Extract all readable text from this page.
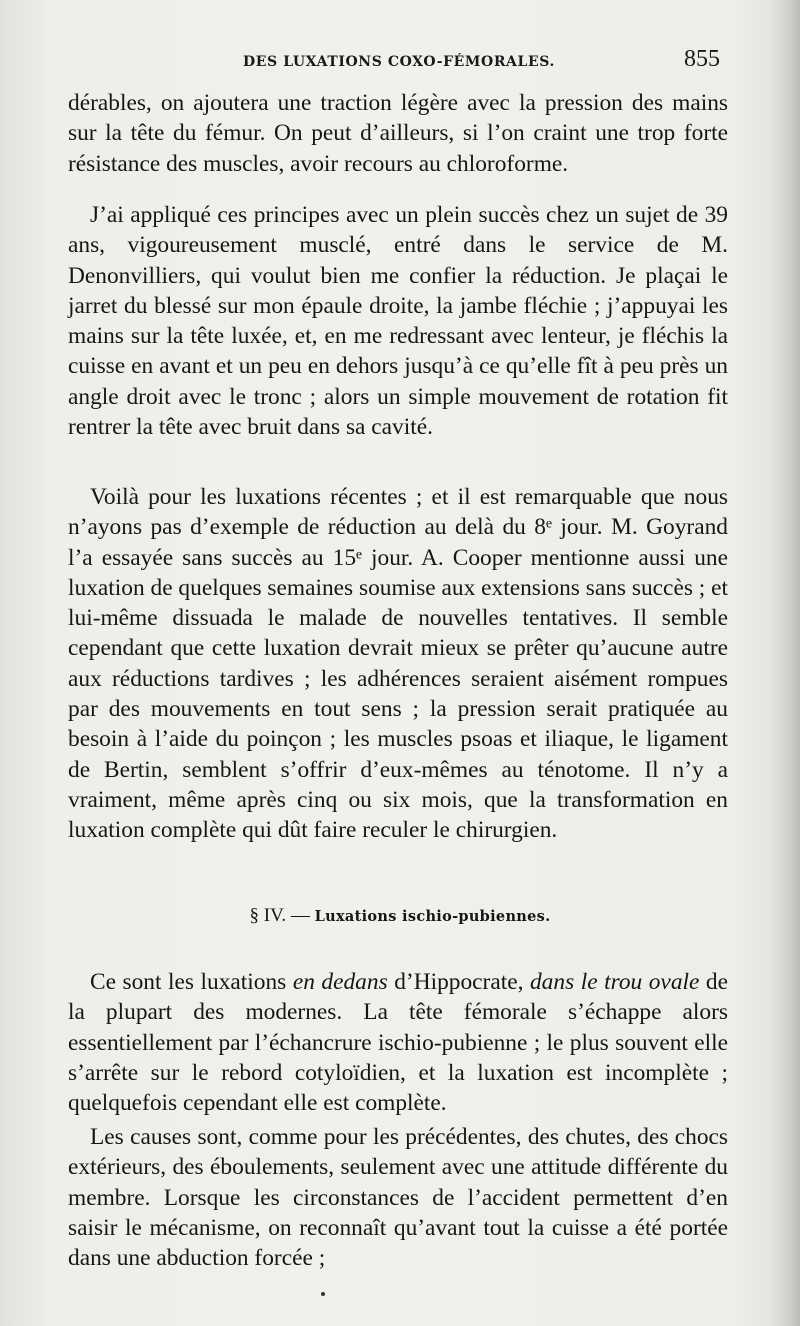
DES LUXATIONS COXO-FÉMORALES.	855

dérables, on ajoutera une traction légère avec la pression des mains sur la tête du fémur. On peut d’ailleurs, si l’on craint une trop forte résistance des muscles, avoir recours au chloroforme.

J’ai appliqué ces principes avec un plein succès chez un sujet de 39 ans, vigoureusement musclé, entré dans le service de M. Denonvilliers, qui voulut bien me confier la réduction. Je plaçai le jarret du blessé sur mon épaule droite, la jambe fléchie ; j’appuyai les mains sur la tête luxée, et, en me redressant avec lenteur, je fléchis la cuisse en avant et un peu en dehors jusqu’à ce qu’elle fît à peu près un angle droit avec le tronc ; alors un simple mouvement de rotation fit rentrer la tête avec bruit dans sa cavité.

Voilà pour les luxations récentes ; et il est remarquable que nous n’ayons pas d’exemple de réduction au delà du 8ᵉ jour. M. Goyrand l’a essayée sans succès au 15ᵉ jour. A. Cooper mentionne aussi une luxation de quelques semaines soumise aux extensions sans succès ; et lui-même dissuada le malade de nouvelles tentatives. Il semble cependant que cette luxation devrait mieux se prêter qu’aucune autre aux réductions tardives ; les adhérences seraient aisément rompues par des mouvements en tout sens ; la pression serait pratiquée au besoin à l’aide du poinçon ; les muscles psoas et iliaque, le ligament de Bertin, semblent s’offrir d’eux-mêmes au ténotome. Il n’y a vraiment, même après cinq ou six mois, que la transformation en luxation complète qui dût faire reculer le chirurgien.

§ IV. — Luxations ischio-pubiennes.

Ce sont les luxations en dedans d’Hippocrate, dans le trou ovale de la plupart des modernes. La tête fémorale s’échappe alors essentiellement par l’échancrure ischio-pubienne ; le plus souvent elle s’arrête sur le rebord cotyloïdien, et la luxation est incomplète ; quelquefois cependant elle est complète.

Les causes sont, comme pour les précédentes, des chutes, des chocs extérieurs, des éboulements, seulement avec une attitude différente du membre. Lorsque les circonstances de l’accident permettent d’en saisir le mécanisme, on reconnaît qu’avant tout la cuisse a été portée dans une abduction forcée ;
